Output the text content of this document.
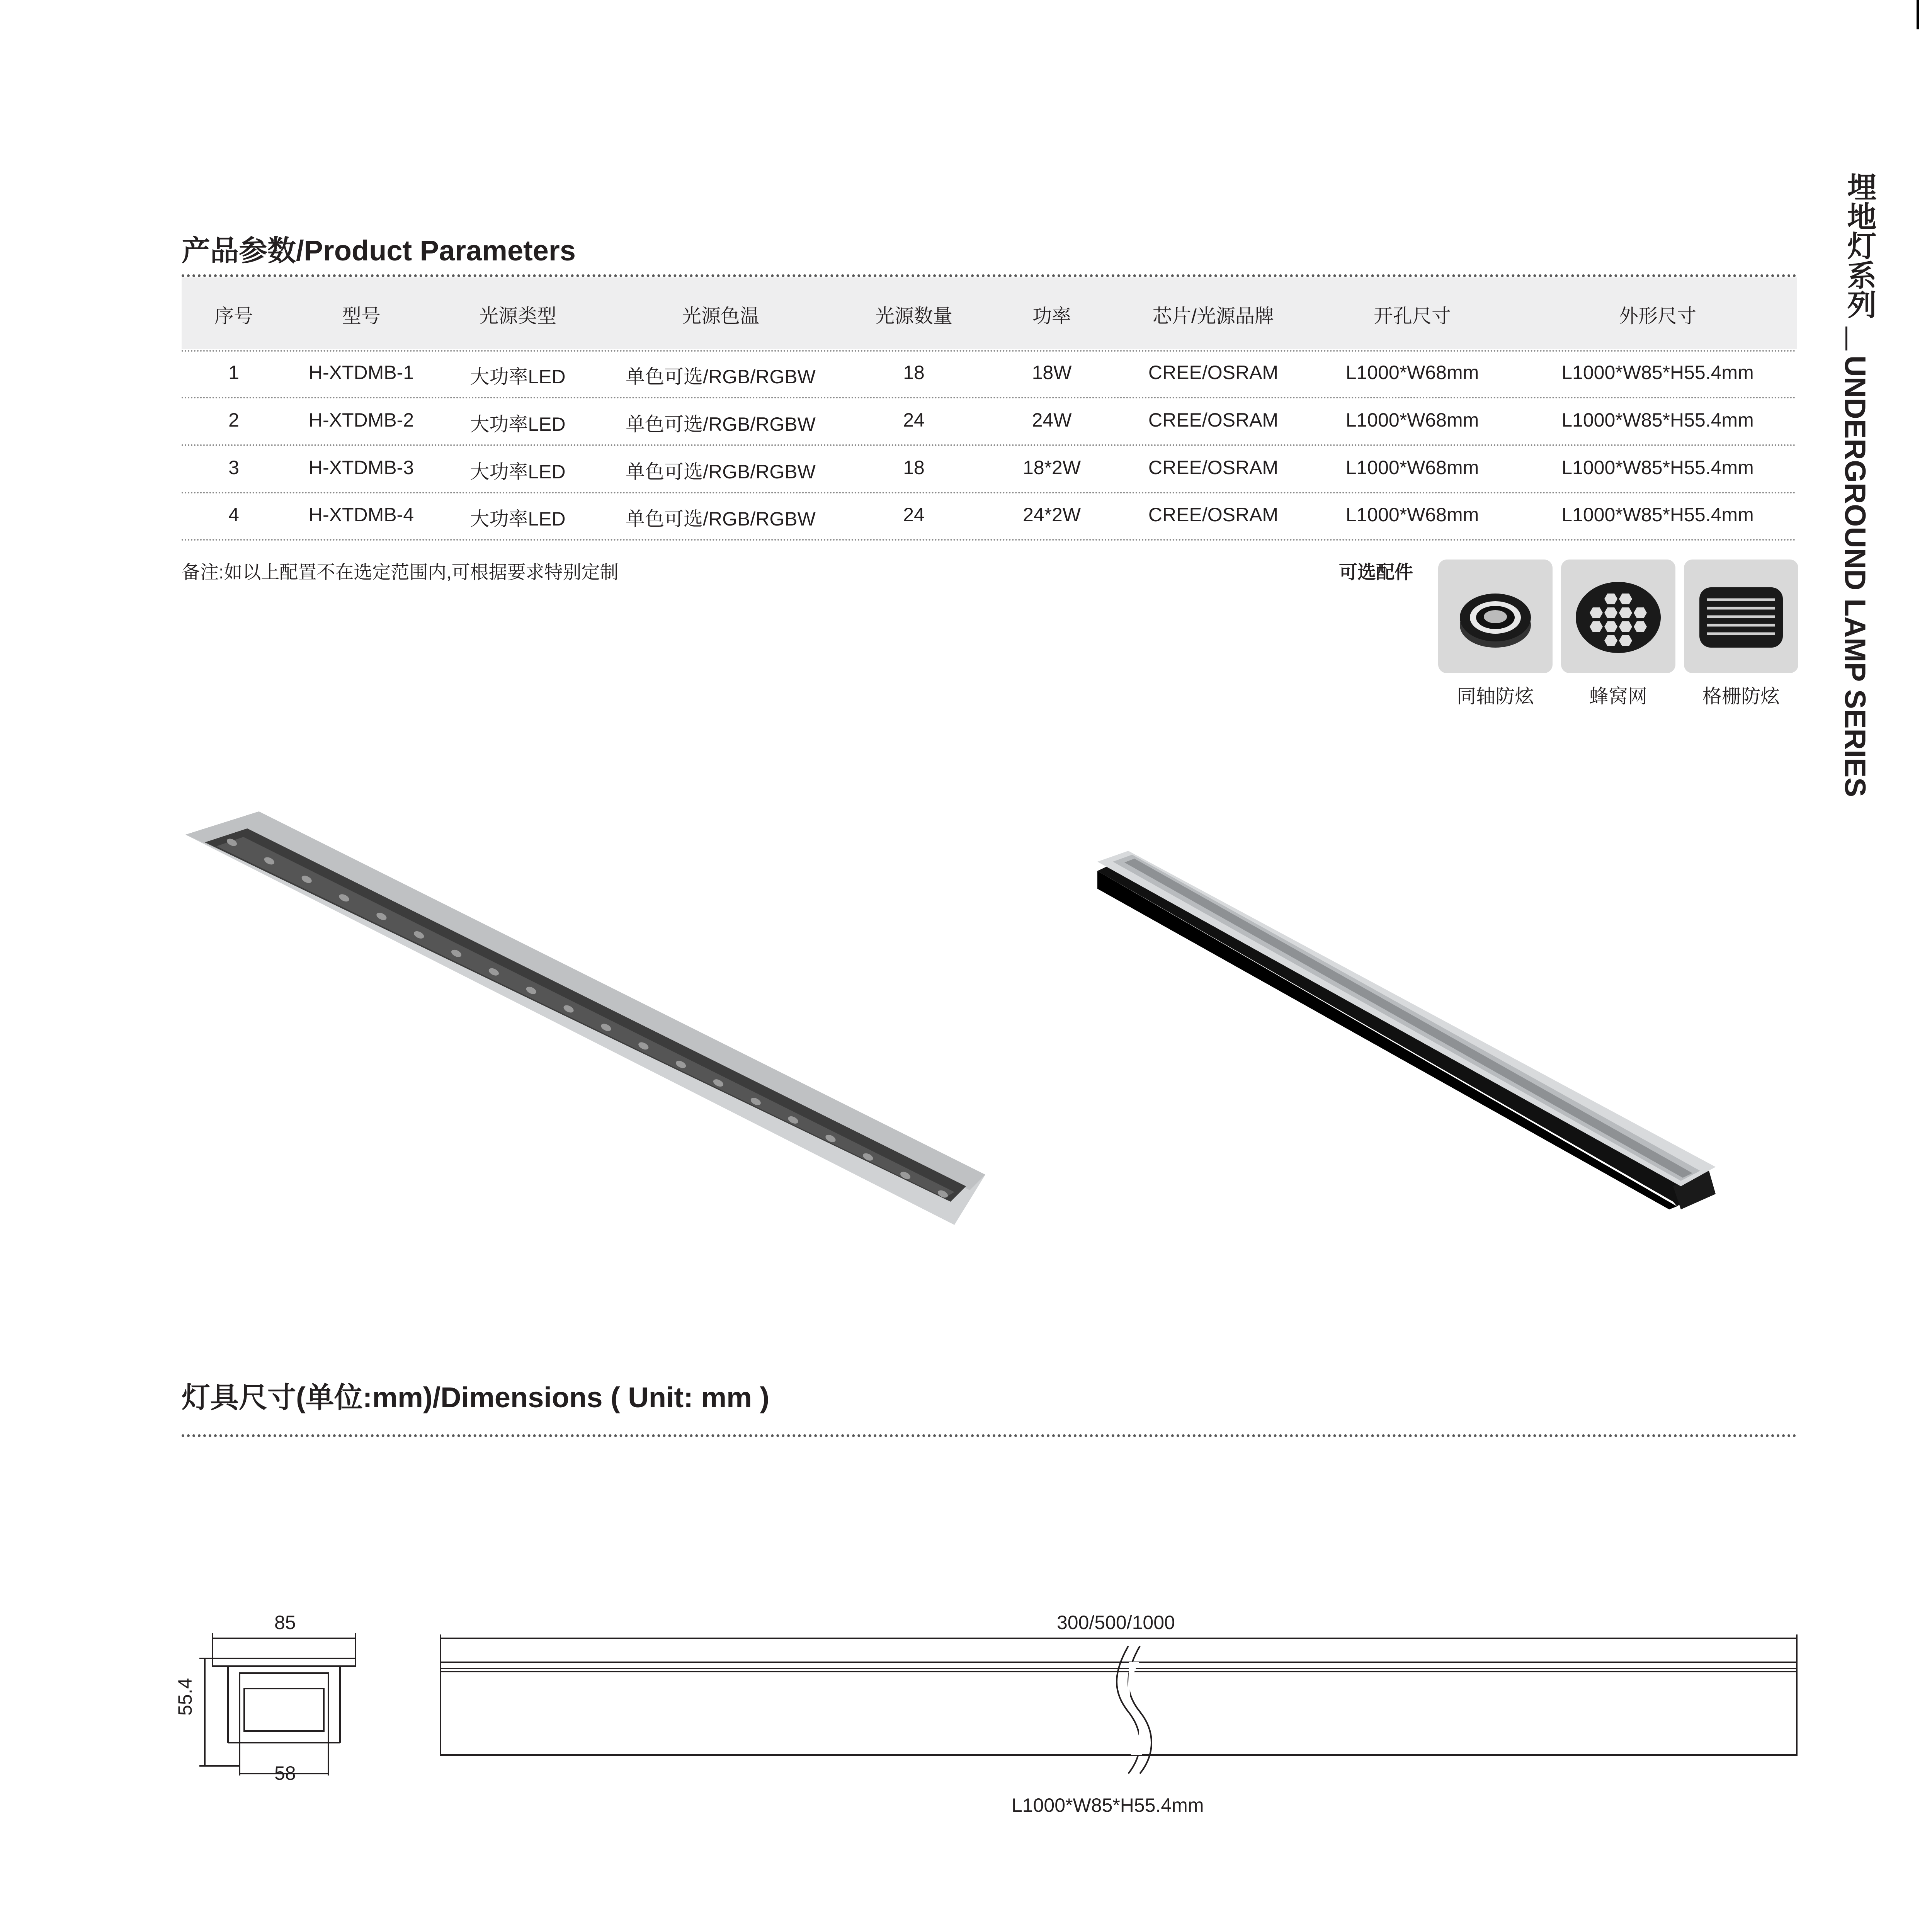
埋地灯系列
UNDERGROUND LAMP SERIES
产品参数/Product Parameters
序号	型号	光源类型	光源色温	光源数量	功率	芯片/光源品牌	开孔尺寸	外形尺寸
1	H-XTDMB-1	大功率LED	单色可选/RGB/RGBW	18	18W	CREE/OSRAM	L1000*W68mm	L1000*W85*H55.4mm
2	H-XTDMB-2	大功率LED	单色可选/RGB/RGBW	24	24W	CREE/OSRAM	L1000*W68mm	L1000*W85*H55.4mm
3	H-XTDMB-3	大功率LED	单色可选/RGB/RGBW	18	18*2W	CREE/OSRAM	L1000*W68mm	L1000*W85*H55.4mm
4	H-XTDMB-4	大功率LED	单色可选/RGB/RGBW	24	24*2W	CREE/OSRAM	L1000*W68mm	L1000*W85*H55.4mm
备注:如以上配置不在选定范围内,可根据要求特别定制	可选配件
同轴防炫	蜂窝网	格栅防炫
灯具尺寸(单位:mm)/Dimensions ( Unit: mm )
85
55.4
58
300/500/1000
L1000*W85*H55.4mm
